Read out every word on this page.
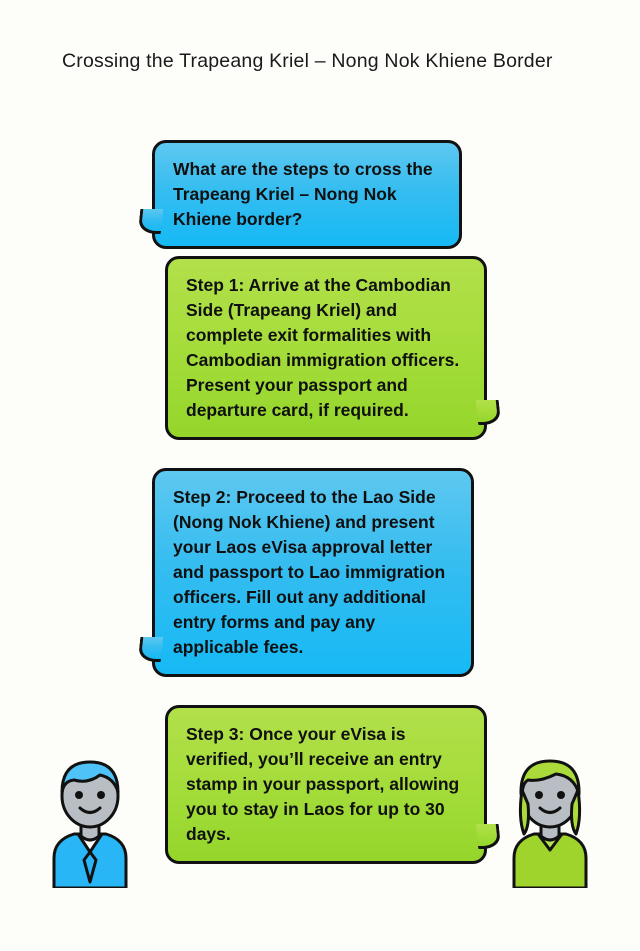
Crossing the Trapeang Kriel – Nong Nok Khiene Border
What are the steps to cross the Trapeang Kriel – Nong Nok Khiene border?
Step 1: Arrive at the Cambodian Side (Trapeang Kriel) and complete exit formalities with Cambodian immigration officers. Present your passport and departure card, if required.
Step 2: Proceed to the Lao Side (Nong Nok Khiene) and present your Laos eVisa approval letter and passport to Lao immigration officers. Fill out any additional entry forms and pay any applicable fees.
Step 3: Once your eVisa is verified, you’ll receive an entry stamp in your passport, allowing you to stay in Laos for up to 30 days.
